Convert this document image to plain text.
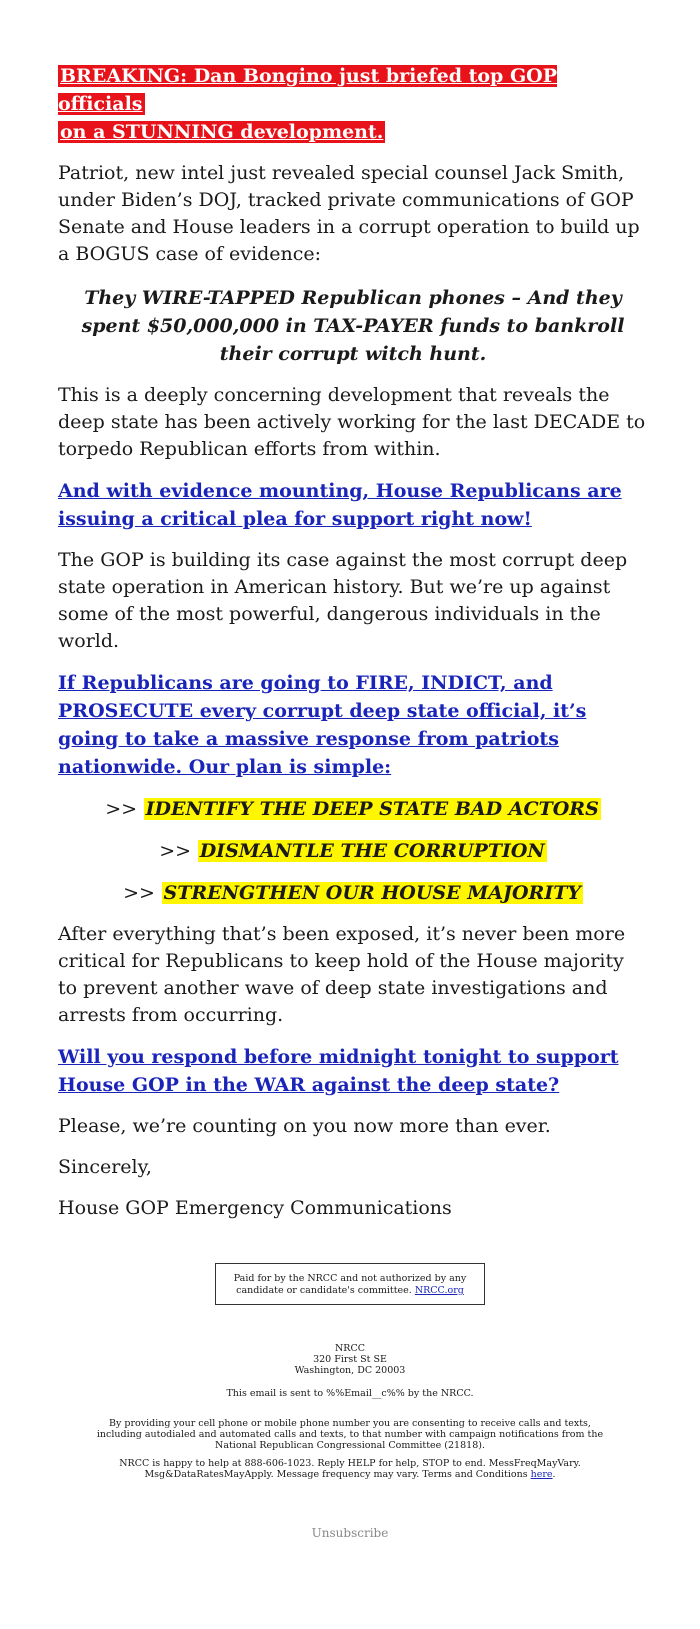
BREAKING: Dan Bongino just briefed top GOP officials
on a STUNNING development.

Patriot, new intel just revealed special counsel Jack Smith, under Biden’s DOJ, tracked private communications of GOP Senate and House leaders in a corrupt operation to build up a BOGUS case of evidence:

They WIRE-TAPPED Republican phones – And they spent $50,000,000 in TAX-PAYER funds to bankroll their corrupt witch hunt.

This is a deeply concerning development that reveals the deep state has been actively working for the last DECADE to torpedo Republican efforts from within.

And with evidence mounting, House Republicans are issuing a critical plea for support right now!

The GOP is building its case against the most corrupt deep state operation in American history. But we’re up against some of the most powerful, dangerous individuals in the world.

If Republicans are going to FIRE, INDICT, and PROSECUTE every corrupt deep state official, it’s going to take a massive response from patriots nationwide. Our plan is simple:

>> IDENTIFY THE DEEP STATE BAD ACTORS

>> DISMANTLE THE CORRUPTION

>> STRENGTHEN OUR HOUSE MAJORITY

After everything that’s been exposed, it’s never been more critical for Republicans to keep hold of the House majority to prevent another wave of deep state investigations and arrests from occurring.

Will you respond before midnight tonight to support House GOP in the WAR against the deep state?

Please, we’re counting on you now more than ever.

Sincerely,

House GOP Emergency Communications

Paid for by the NRCC and not authorized by any candidate or candidate's committee. NRCC.org
NRCC
320 First St SE
Washington, DC 20003
This email is sent to %%Email__c%% by the NRCC.
By providing your cell phone or mobile phone number you are consenting to receive calls and texts, including autodialed and automated calls and texts, to that number with campaign notifications from the National Republican Congressional Committee (21818).
NRCC is happy to help at 888-606-1023. Reply HELP for help, STOP to end. MessFreqMayVary. Msg&DataRatesMayApply. Message frequency may vary. Terms and Conditions here.
Unsubscribe
